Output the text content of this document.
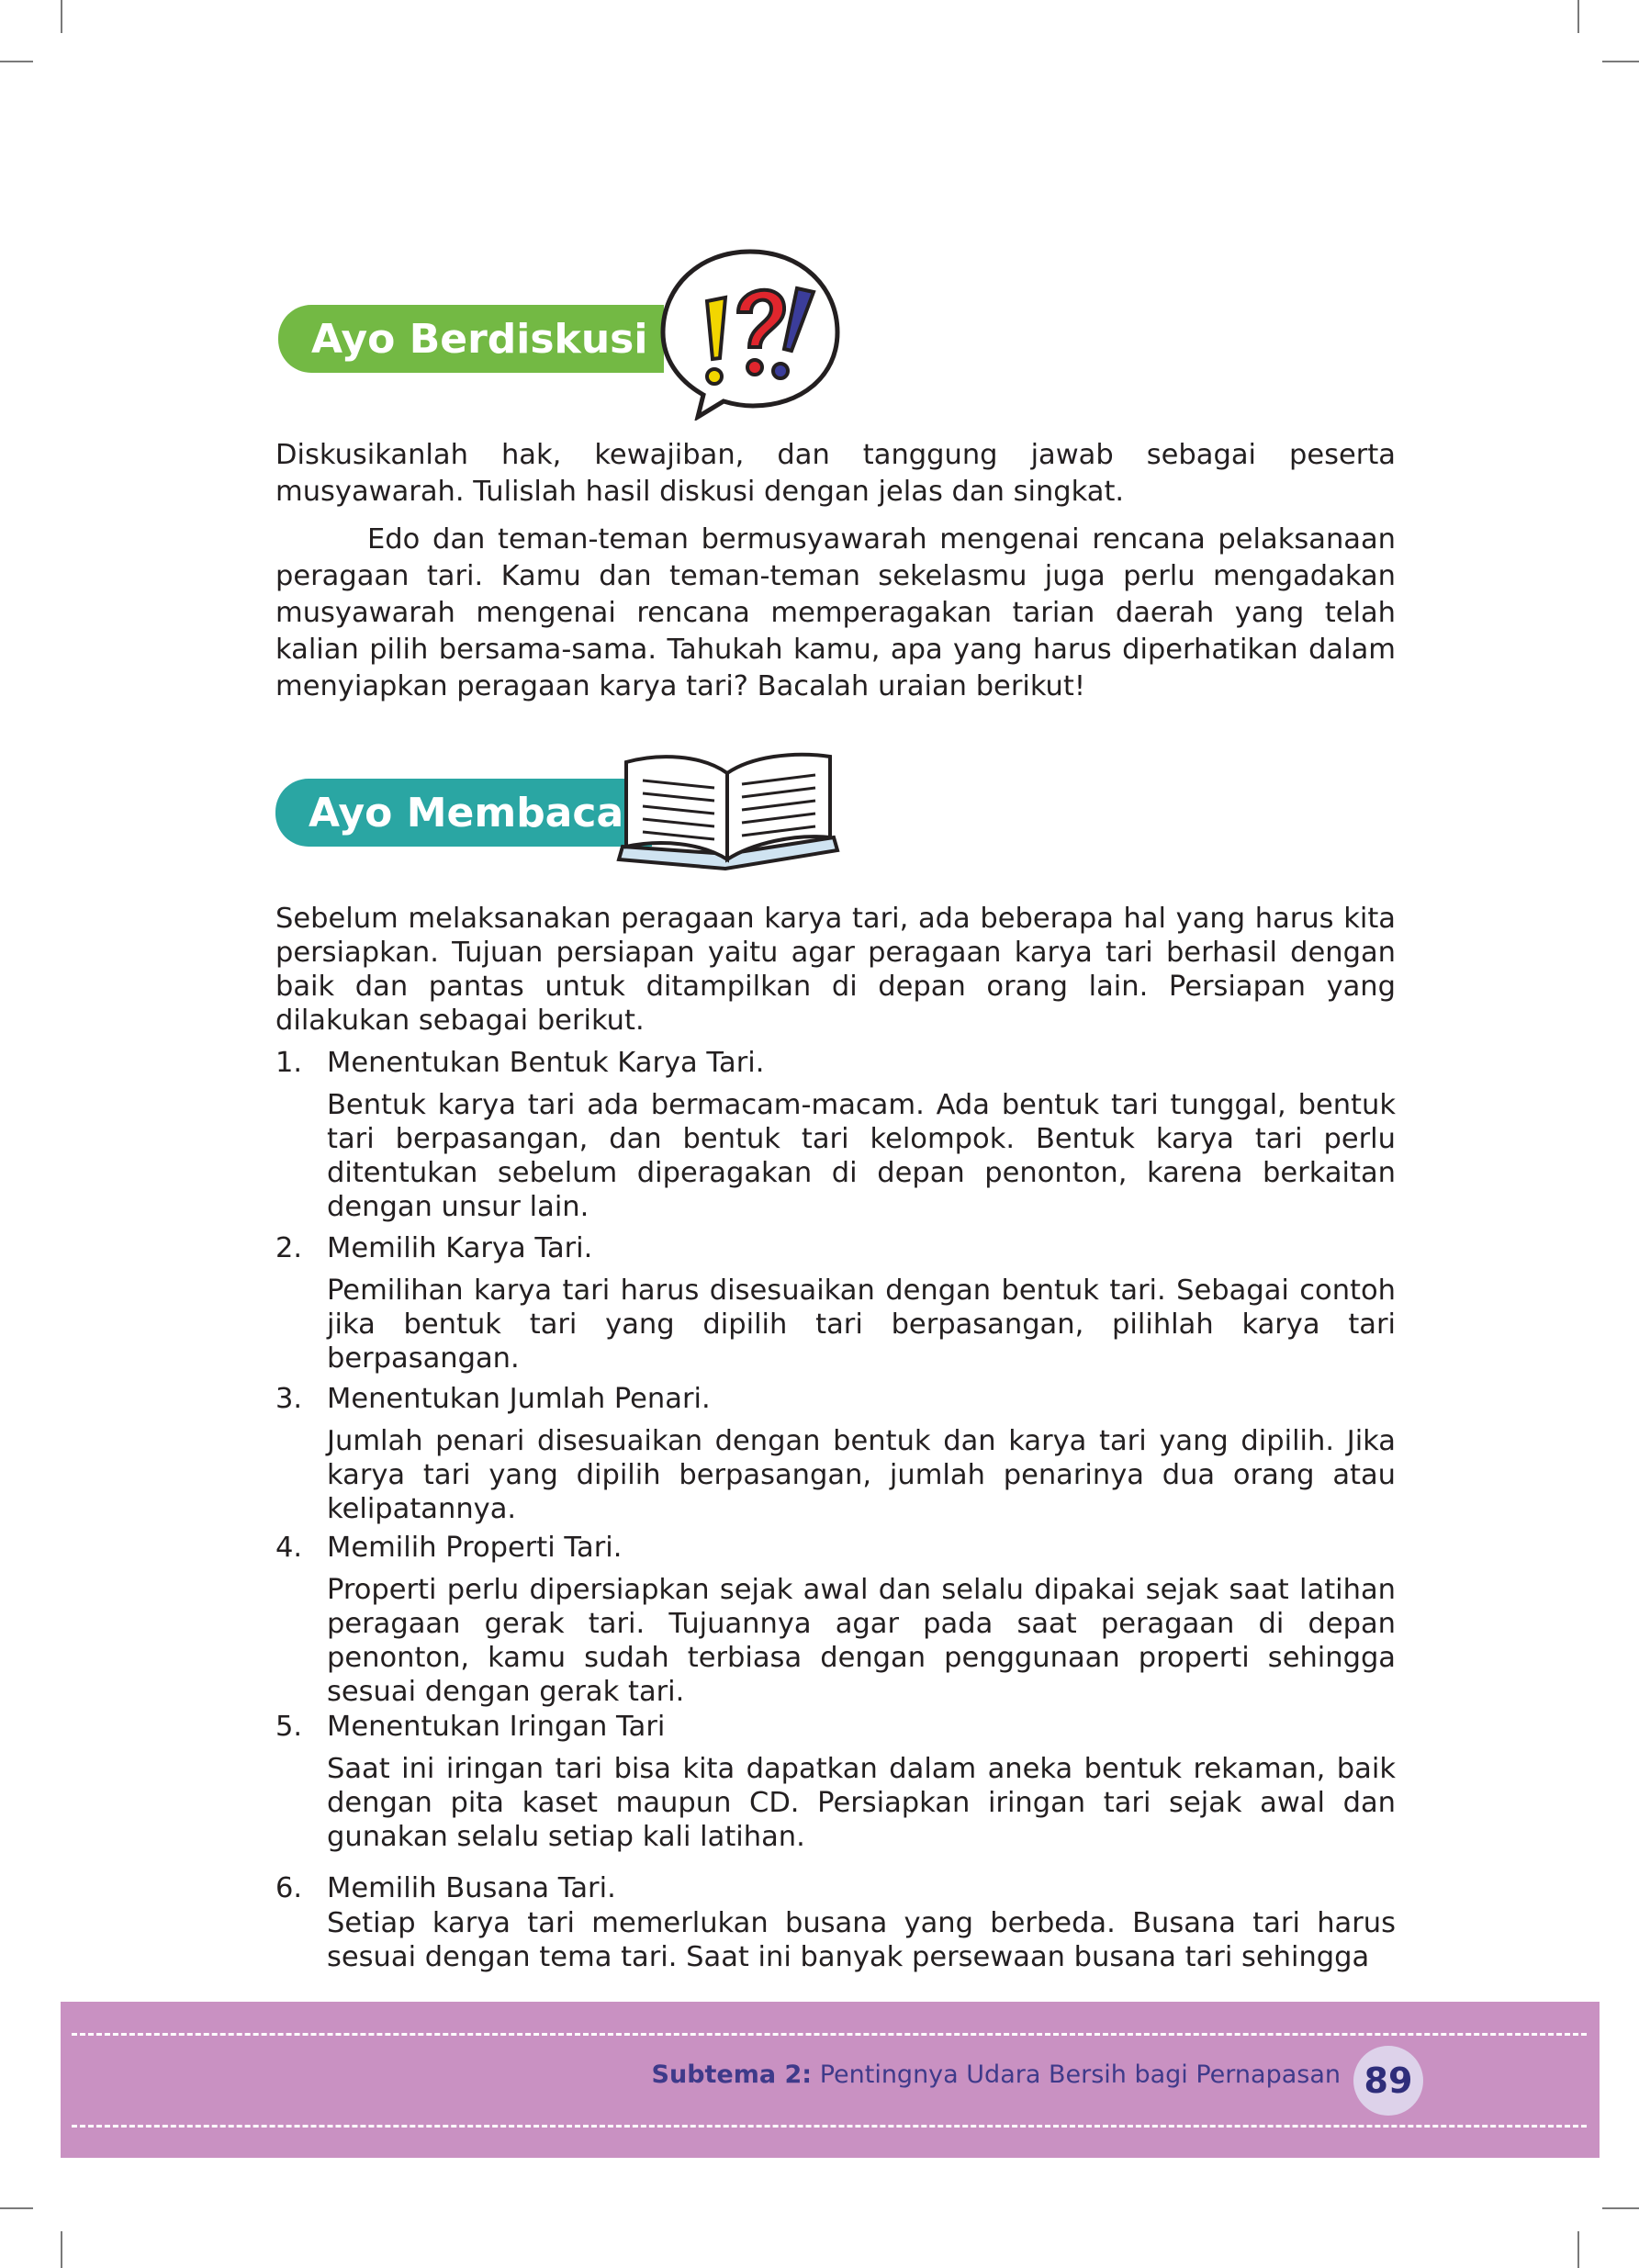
Ayo Berdiskusi
Diskusikanlah hak, kewajiban, dan tanggung jawab sebagai peserta musyawarah. Tulislah hasil diskusi dengan jelas dan singkat.
Edo dan teman-teman bermusyawarah mengenai rencana pelaksanaan peragaan tari. Kamu dan teman-teman sekelasmu juga perlu mengadakan musyawarah mengenai rencana memperagakan tarian daerah yang telah kalian pilih bersama-sama. Tahukah kamu, apa yang harus diperhatikan dalam menyiapkan peragaan karya tari? Bacalah uraian berikut!
Ayo Membaca
Sebelum melaksanakan peragaan karya tari, ada beberapa hal yang harus kita persiapkan. Tujuan persiapan yaitu agar peragaan karya tari berhasil dengan baik dan pantas untuk ditampilkan di depan orang lain. Persiapan yang dilakukan sebagai berikut.
1. Menentukan Bentuk Karya Tari.
Bentuk karya tari ada bermacam-macam. Ada bentuk tari tunggal, bentuk tari berpasangan, dan bentuk tari kelompok. Bentuk karya tari perlu ditentukan sebelum diperagakan di depan penonton, karena berkaitan dengan unsur lain.
2. Memilih Karya Tari.
Pemilihan karya tari harus disesuaikan dengan bentuk tari. Sebagai contoh jika bentuk tari yang dipilih tari berpasangan, pilihlah karya tari berpasangan.
3. Menentukan Jumlah Penari.
Jumlah penari disesuaikan dengan bentuk dan karya tari yang dipilih. Jika karya tari yang dipilih berpasangan, jumlah penarinya dua orang atau kelipatannya.
4. Memilih Properti Tari.
Properti perlu dipersiapkan sejak awal dan selalu dipakai sejak saat latihan peragaan gerak tari. Tujuannya agar pada saat peragaan di depan penonton, kamu sudah terbiasa dengan penggunaan properti sehingga sesuai dengan gerak tari.
5. Menentukan Iringan Tari
Saat ini iringan tari bisa kita dapatkan dalam aneka bentuk rekaman, baik dengan pita kaset maupun CD. Persiapkan iringan tari sejak awal dan gunakan selalu setiap kali latihan.
6. Memilih Busana Tari.
Setiap karya tari memerlukan busana yang berbeda. Busana tari harus sesuai dengan tema tari. Saat ini banyak persewaan busana tari sehingga
Subtema 2: Pentingnya Udara Bersih bagi Pernapasan 89
